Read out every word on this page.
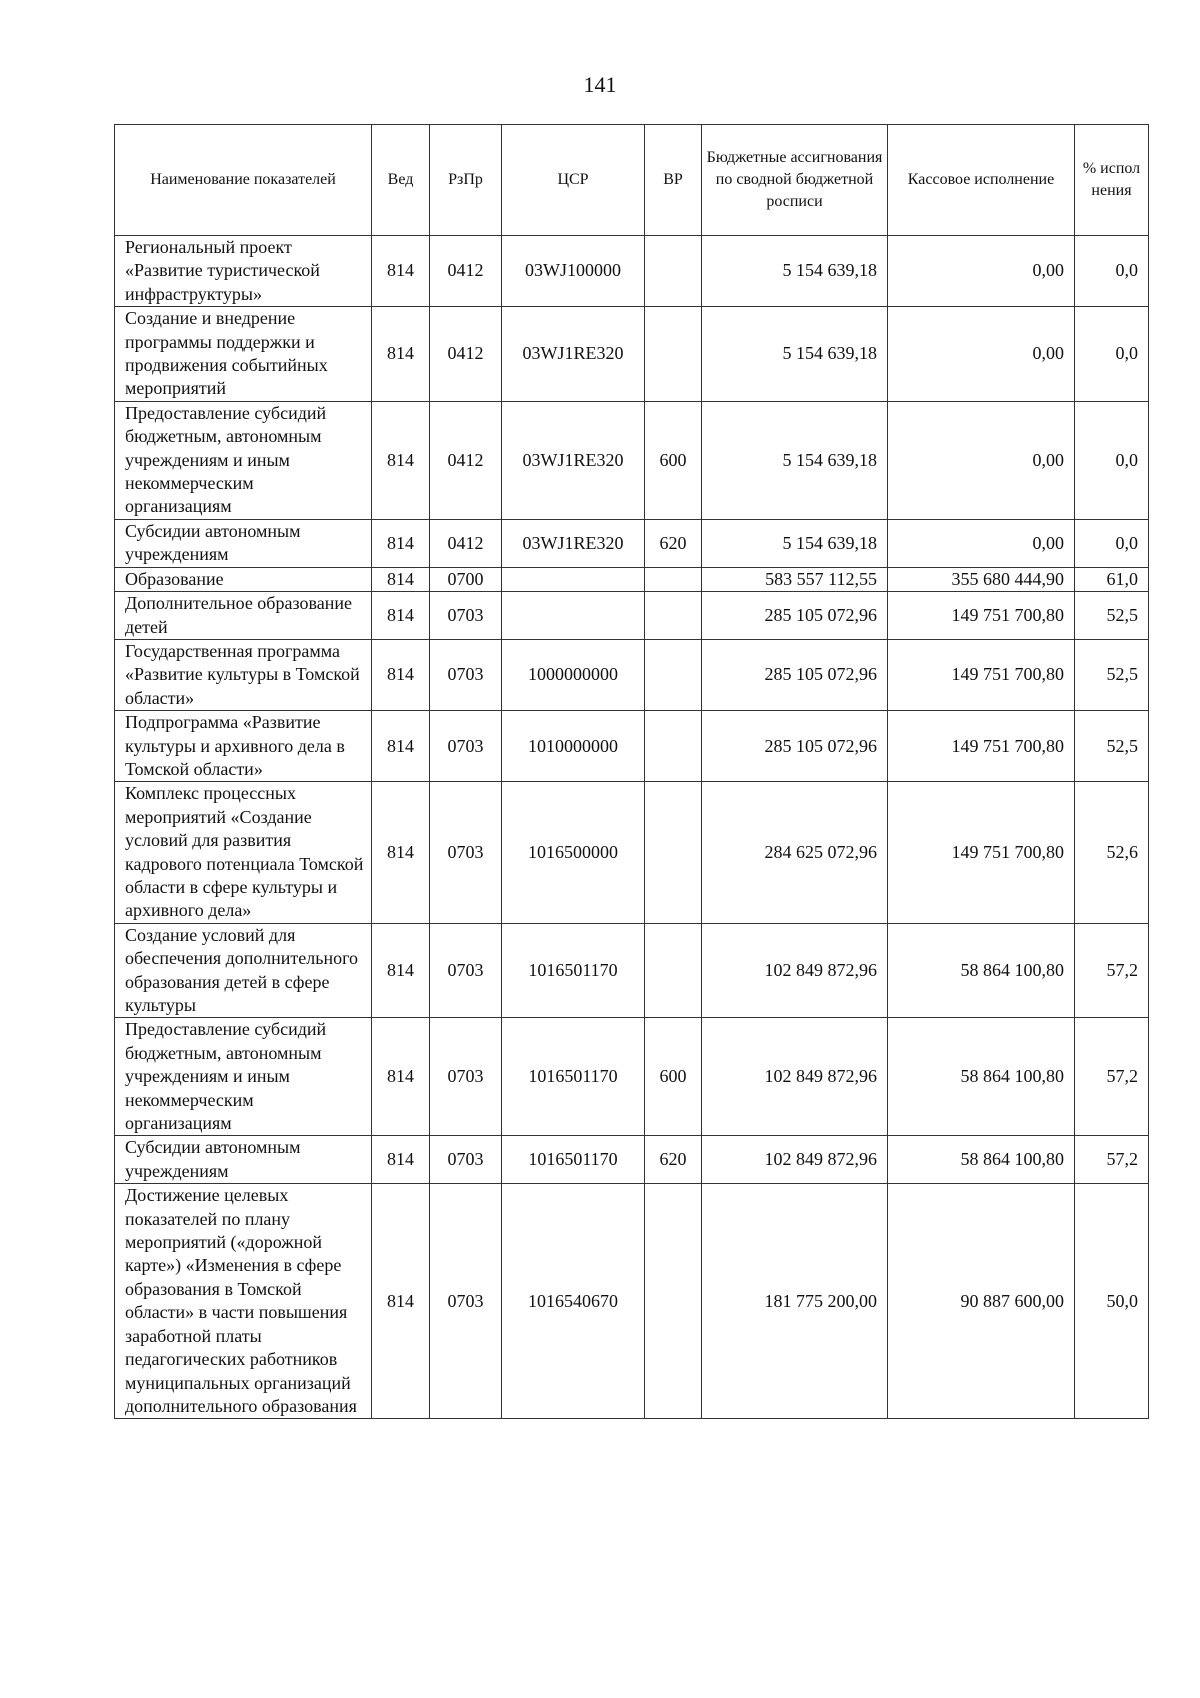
141
Наименование показателей	Вед	РзПр	ЦСР	ВР	Бюджетные ассигнования по сводной бюджетной росписи	Кассовое исполнение	% испол нения
Региональный проект «Развитие туристической инфраструктуры»	814	0412	03WJ100000		5 154 639,18	0,00	0,0
Создание и внедрение программы поддержки и продвижения событийных мероприятий	814	0412	03WJ1RE320		5 154 639,18	0,00	0,0
Предоставление субсидий бюджетным, автономным учреждениям и иным некоммерческим организациям	814	0412	03WJ1RE320	600	5 154 639,18	0,00	0,0
Субсидии автономным учреждениям	814	0412	03WJ1RE320	620	5 154 639,18	0,00	0,0
Образование	814	0700			583 557 112,55	355 680 444,90	61,0
Дополнительное образование детей	814	0703			285 105 072,96	149 751 700,80	52,5
Государственная программа «Развитие культуры в Томской области»	814	0703	1000000000		285 105 072,96	149 751 700,80	52,5
Подпрограмма «Развитие культуры и архивного дела в Томской области»	814	0703	1010000000		285 105 072,96	149 751 700,80	52,5
Комплекс процессных мероприятий «Создание условий для развития кадрового потенциала Томской области в сфере культуры и архивного дела»	814	0703	1016500000		284 625 072,96	149 751 700,80	52,6
Создание условий для обеспечения дополнительного образования детей в сфере культуры	814	0703	1016501170		102 849 872,96	58 864 100,80	57,2
Предоставление субсидий бюджетным, автономным учреждениям и иным некоммерческим организациям	814	0703	1016501170	600	102 849 872,96	58 864 100,80	57,2
Субсидии автономным учреждениям	814	0703	1016501170	620	102 849 872,96	58 864 100,80	57,2
Достижение целевых показателей по плану мероприятий («дорожной карте») «Изменения в сфере образования в Томской области» в части повышения заработной платы педагогических работников муниципальных организаций дополнительного образования	814	0703	1016540670		181 775 200,00	90 887 600,00	50,0
